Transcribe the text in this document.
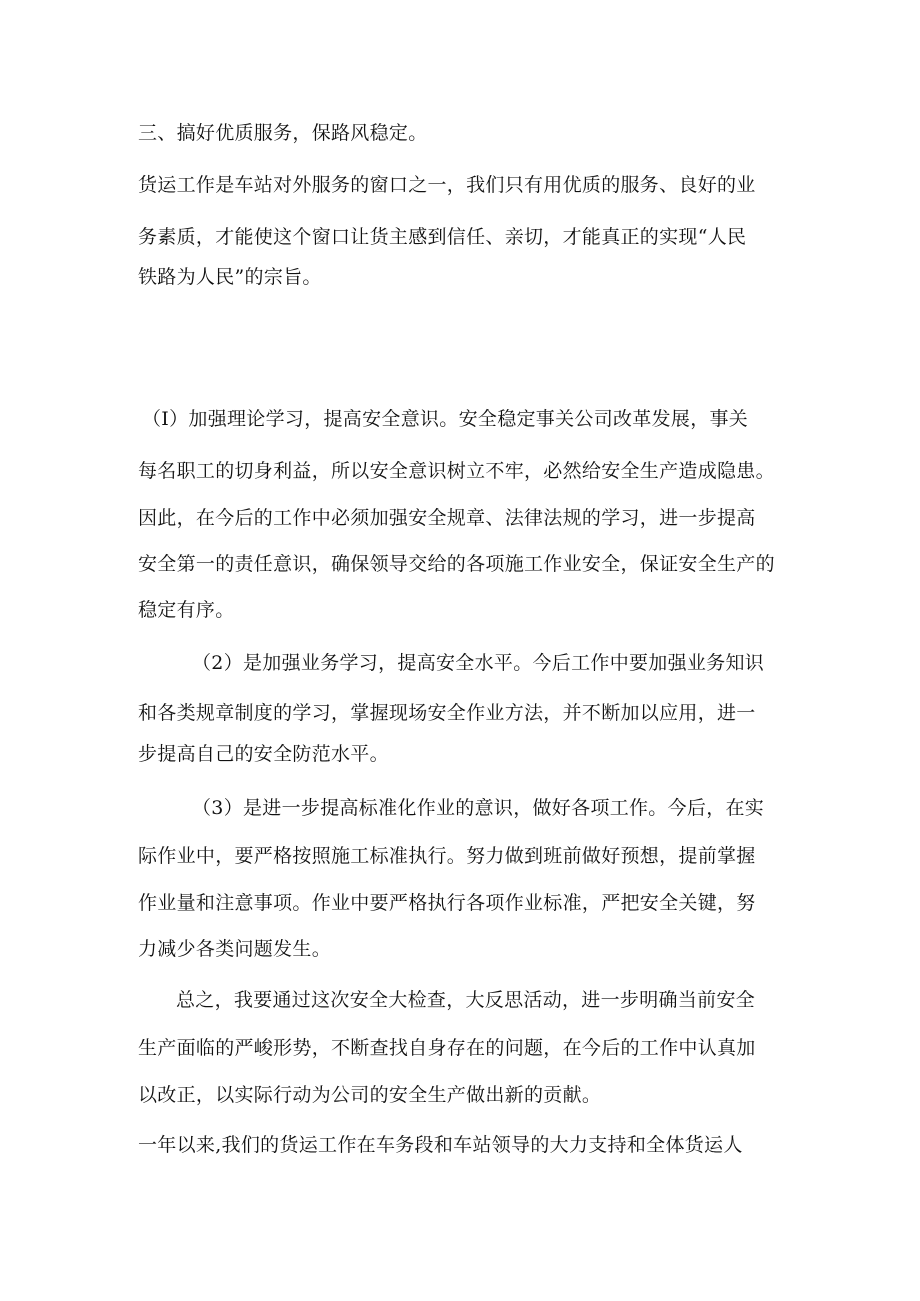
三、搞好优质服务，保路风稳定。
货运工作是车站对外服务的窗口之一，我们只有用优质的服务、良好的业
务素质，才能使这个窗口让货主感到信任、亲切，才能真正的实现“人民
铁路为人民”的宗旨。
（I）加强理论学习，提高安全意识。安全稳定事关公司改革发展，事关
每名职工的切身利益，所以安全意识树立不牢，必然给安全生产造成隐患。
因此，在今后的工作中必须加强安全规章、法律法规的学习，进一步提高
安全第一的责任意识，确保领导交给的各项施工作业安全，保证安全生产的
稳定有序。
（2）是加强业务学习，提高安全水平。今后工作中要加强业务知识
和各类规章制度的学习，掌握现场安全作业方法，并不断加以应用，进一
步提高自己的安全防范水平。
（3）是进一步提高标准化作业的意识，做好各项工作。今后，在实
际作业中，要严格按照施工标准执行。努力做到班前做好预想，提前掌握
作业量和注意事项。作业中要严格执行各项作业标准，严把安全关键，努
力减少各类问题发生。
总之，我要通过这次安全大检查，大反思活动，进一步明确当前安全
生产面临的严峻形势，不断查找自身存在的问题，在今后的工作中认真加
以改正，以实际行动为公司的安全生产做出新的贡献。
一年以来,我们的货运工作在车务段和车站领导的大力支持和全体货运人
